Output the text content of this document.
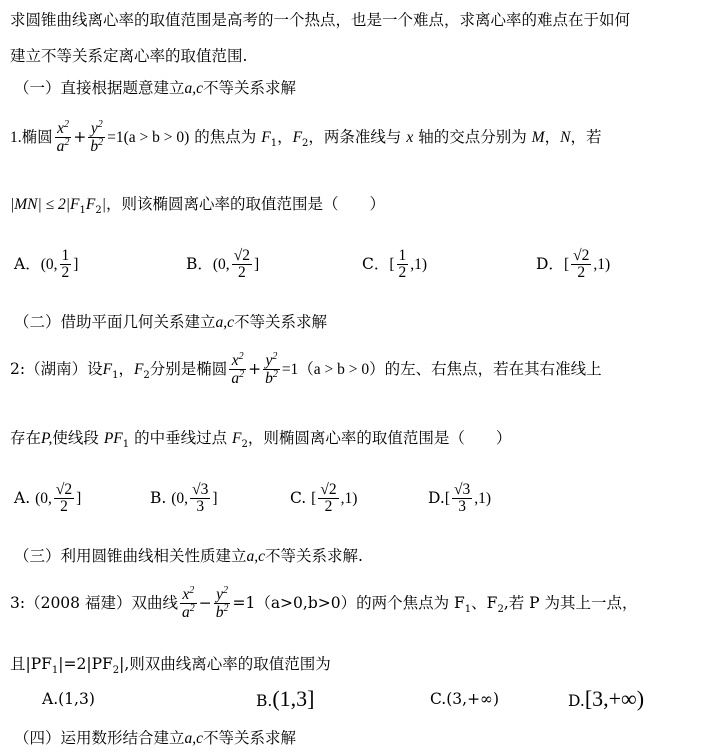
求圆锥曲线离心率的取值范围是高考的一个热点，也是一个难点，求离心率的难点在于如何
建立不等关系定离心率的取值范围.
（一）直接根据题意建立a,c不等关系求解
1.椭圆 $\frac{x^2}{a^2} + \frac{y^2}{b^2} =1(a > b > 0)$ 的焦点为 $F_1$，$F_2$，两条准线与 x 轴的交点分别为 M，N，若
$|MN| \le 2|F_1F_2|$，则该椭圆离心率的取值范围是（　　）
A．(0, $\frac{1}{2}$ ]	B．(0, $\frac{√2}{2}$ ]	C．[ $\frac{1}{2} ,1$)	D．[ $\frac{√2}{2} ,1$)
（二）借助平面几何关系建立a,c不等关系求解
2:（湖南）设$F_1$，$F_2$分别是椭圆 $\frac{x^2}{a^2} + \frac{y^2}{b^2} =1(a > b > 0)$的左、右焦点，若在其右准线上
存在P,使线段 $PF_1$ 的中垂线过点 $F_2$，则椭圆离心率的取值范围是（　　）
A. (0, $\frac{√2}{2}$ ]	B. (0, $\frac{√3}{3}$ ]	C. [ $\frac{√2}{2} ,1$)	$D.[ \frac{√3}{3} ,1)$
（三）利用圆锥曲线相关性质建立a,c不等关系求解.
3:（2008 福建）双曲线 $\frac{x^2}{a^2} - \frac{y^2}{b^2} =1(a>0,b>0)$的两个焦点为 $F_1$、$F_2$,若 P 为其上一点，
且$|PF_1|=2|PF_2|$,则双曲线离心率的取值范围为
A.(1,3)	B.(1,3]	C.(3,+∞)	D.[3,+∞)
（四）运用数形结合建立a,c不等关系求解
